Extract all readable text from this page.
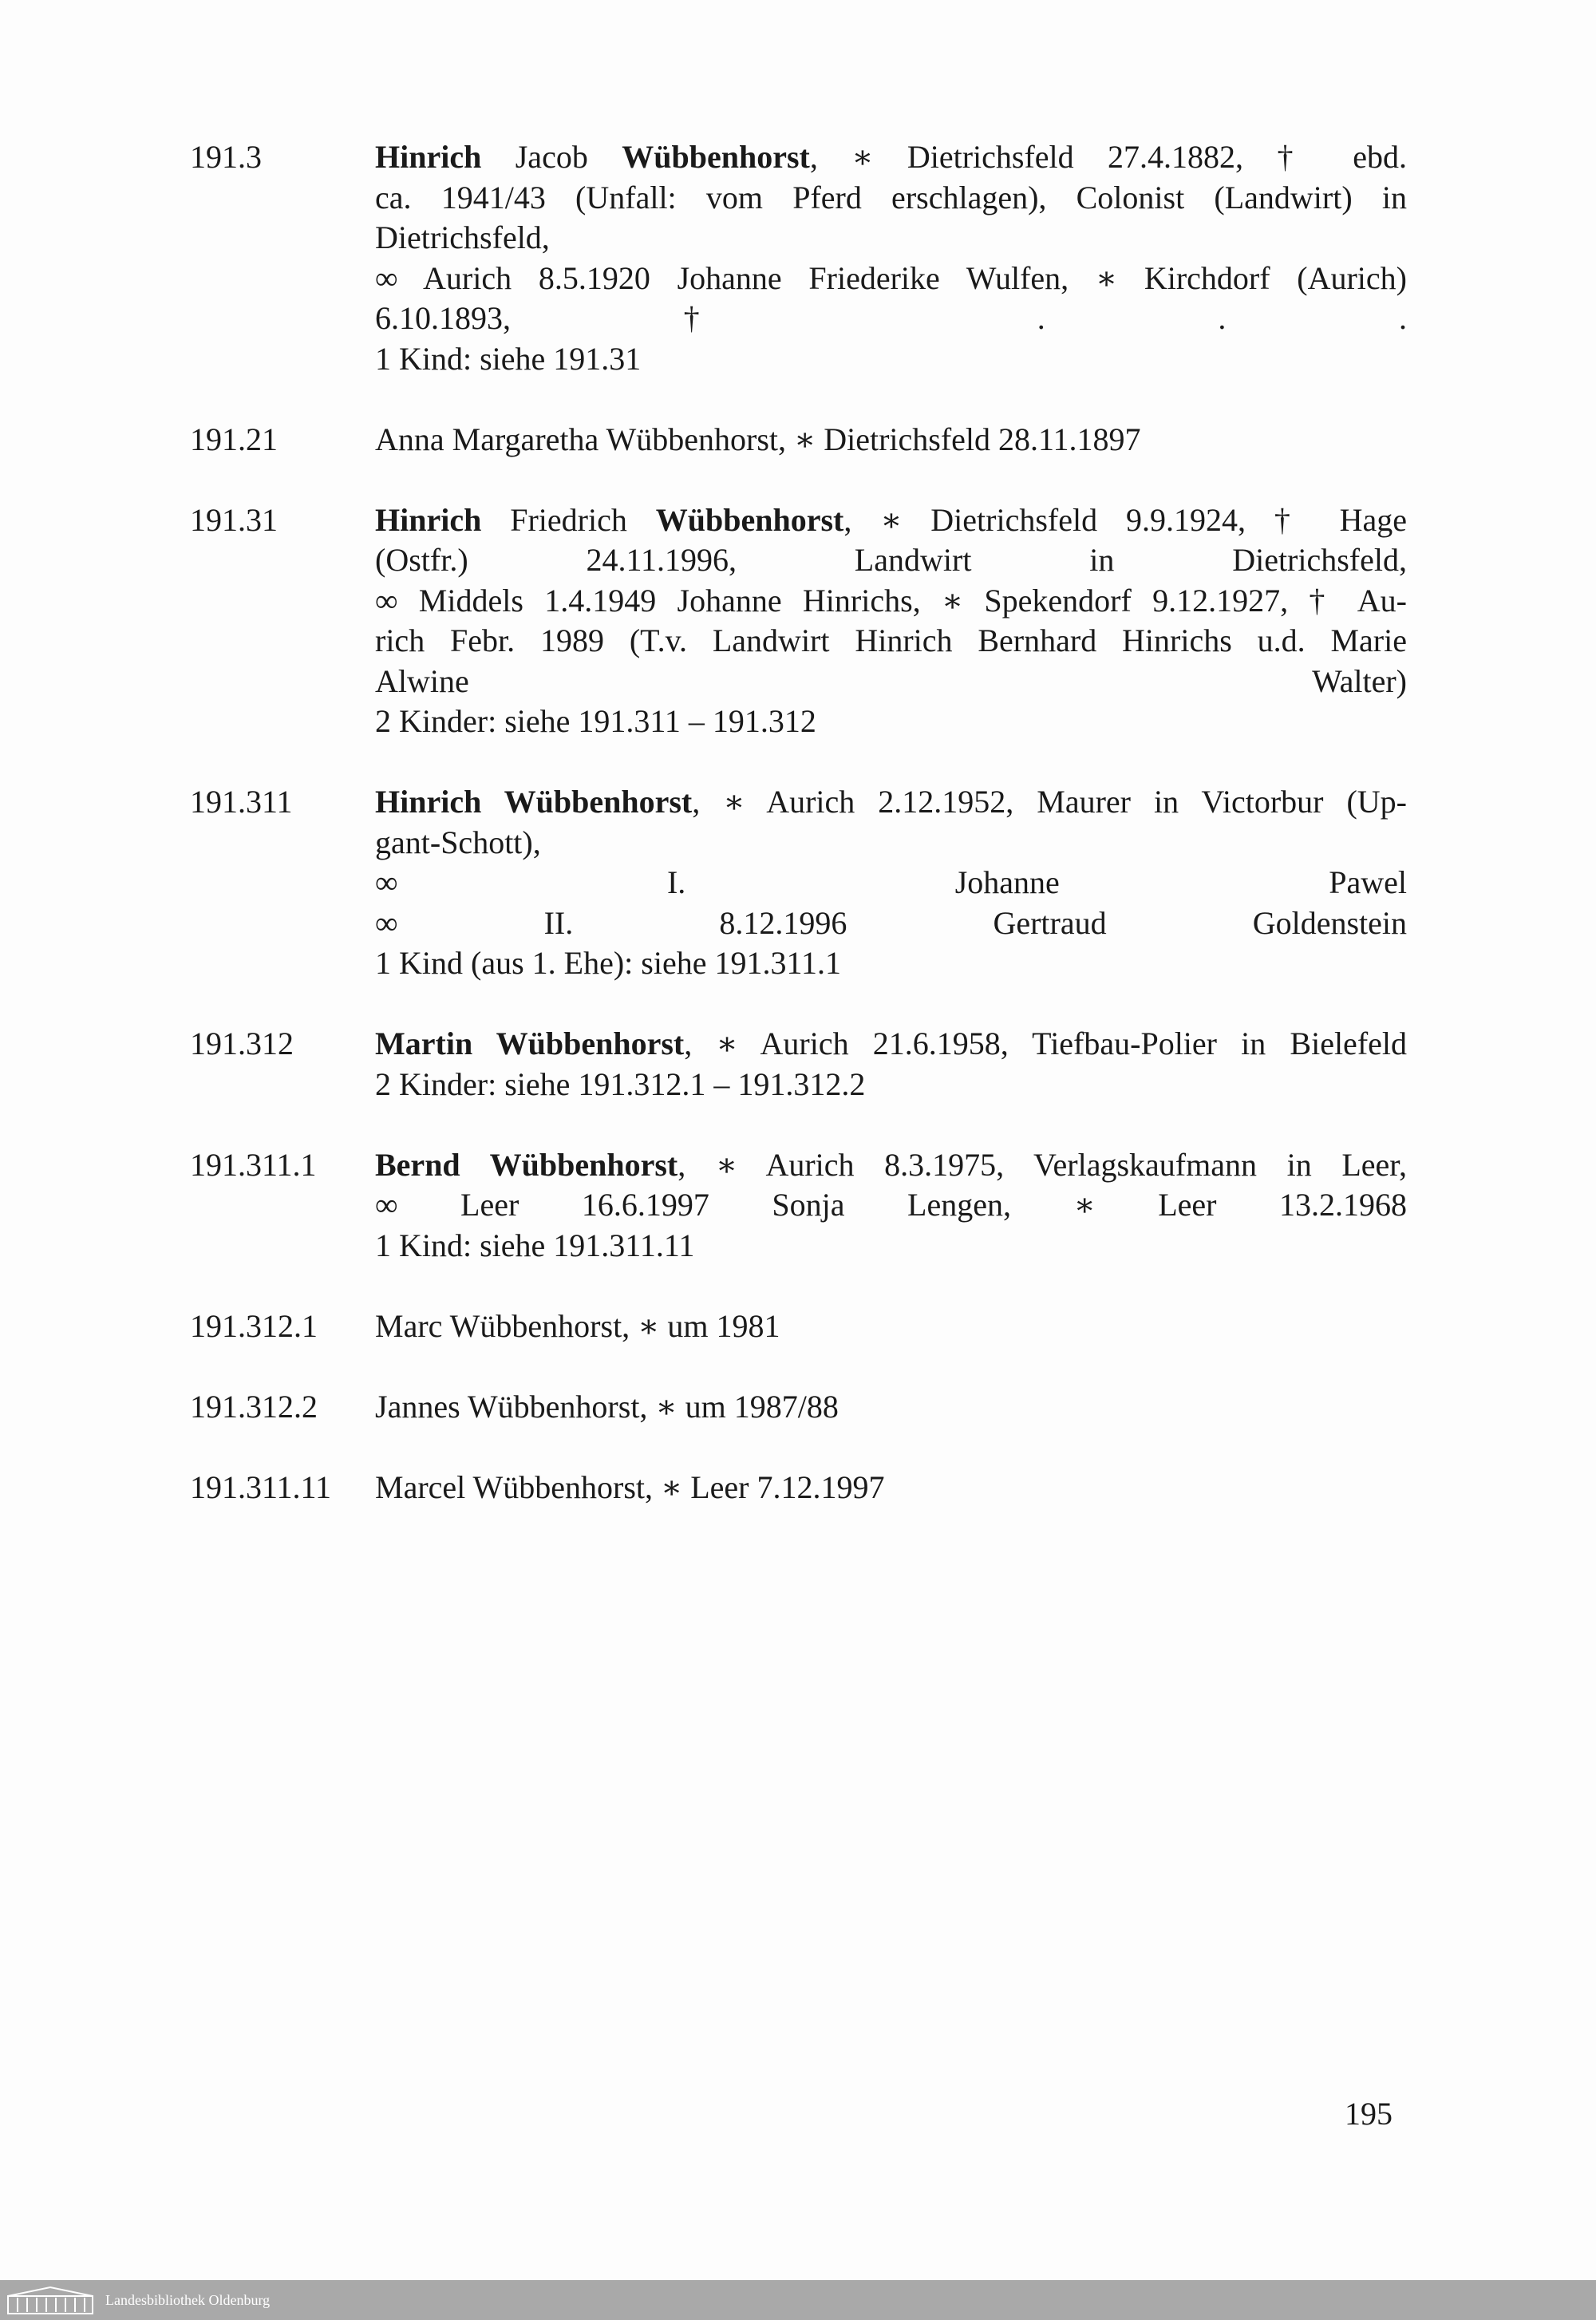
191.3	Hinrich Jacob Wübbenhorst, ∗ Dietrichsfeld 27.4.1882, † ebd.
ca. 1941/43 (Unfall: vom Pferd erschlagen), Colonist (Landwirt) in
Dietrichsfeld,
∞ Aurich 8.5.1920 Johanne Friederike Wulfen, ∗ Kirchdorf (Aurich)
6.10.1893, † . . .
1 Kind: siehe 191.31
191.21	Anna Margaretha Wübbenhorst, ∗ Dietrichsfeld 28.11.1897
191.31	Hinrich Friedrich Wübbenhorst, ∗ Dietrichsfeld 9.9.1924, † Hage
(Ostfr.) 24.11.1996, Landwirt in Dietrichsfeld,
∞ Middels 1.4.1949 Johanne Hinrichs, ∗ Spekendorf 9.12.1927, † Au-
rich Febr. 1989 (T.v. Landwirt Hinrich Bernhard Hinrichs u.d. Marie
Alwine Walter)
2 Kinder: siehe 191.311 – 191.312
191.311	Hinrich Wübbenhorst, ∗ Aurich 2.12.1952, Maurer in Victorbur (Up-
gant-Schott),
∞ I. Johanne Pawel
∞ II. 8.12.1996 Gertraud Goldenstein
1 Kind (aus 1. Ehe): siehe 191.311.1
191.312	Martin Wübbenhorst, ∗ Aurich 21.6.1958, Tiefbau-Polier in Bielefeld
2 Kinder: siehe 191.312.1 – 191.312.2
191.311.1	Bernd Wübbenhorst, ∗ Aurich 8.3.1975, Verlagskaufmann in Leer,
∞ Leer 16.6.1997 Sonja Lengen, ∗ Leer 13.2.1968
1 Kind: siehe 191.311.11
191.312.1	Marc Wübbenhorst, ∗ um 1981
191.312.2	Jannes Wübbenhorst, ∗ um 1987/88
191.311.11	Marcel Wübbenhorst, ∗ Leer 7.12.1997
195
Landesbibliothek Oldenburg
